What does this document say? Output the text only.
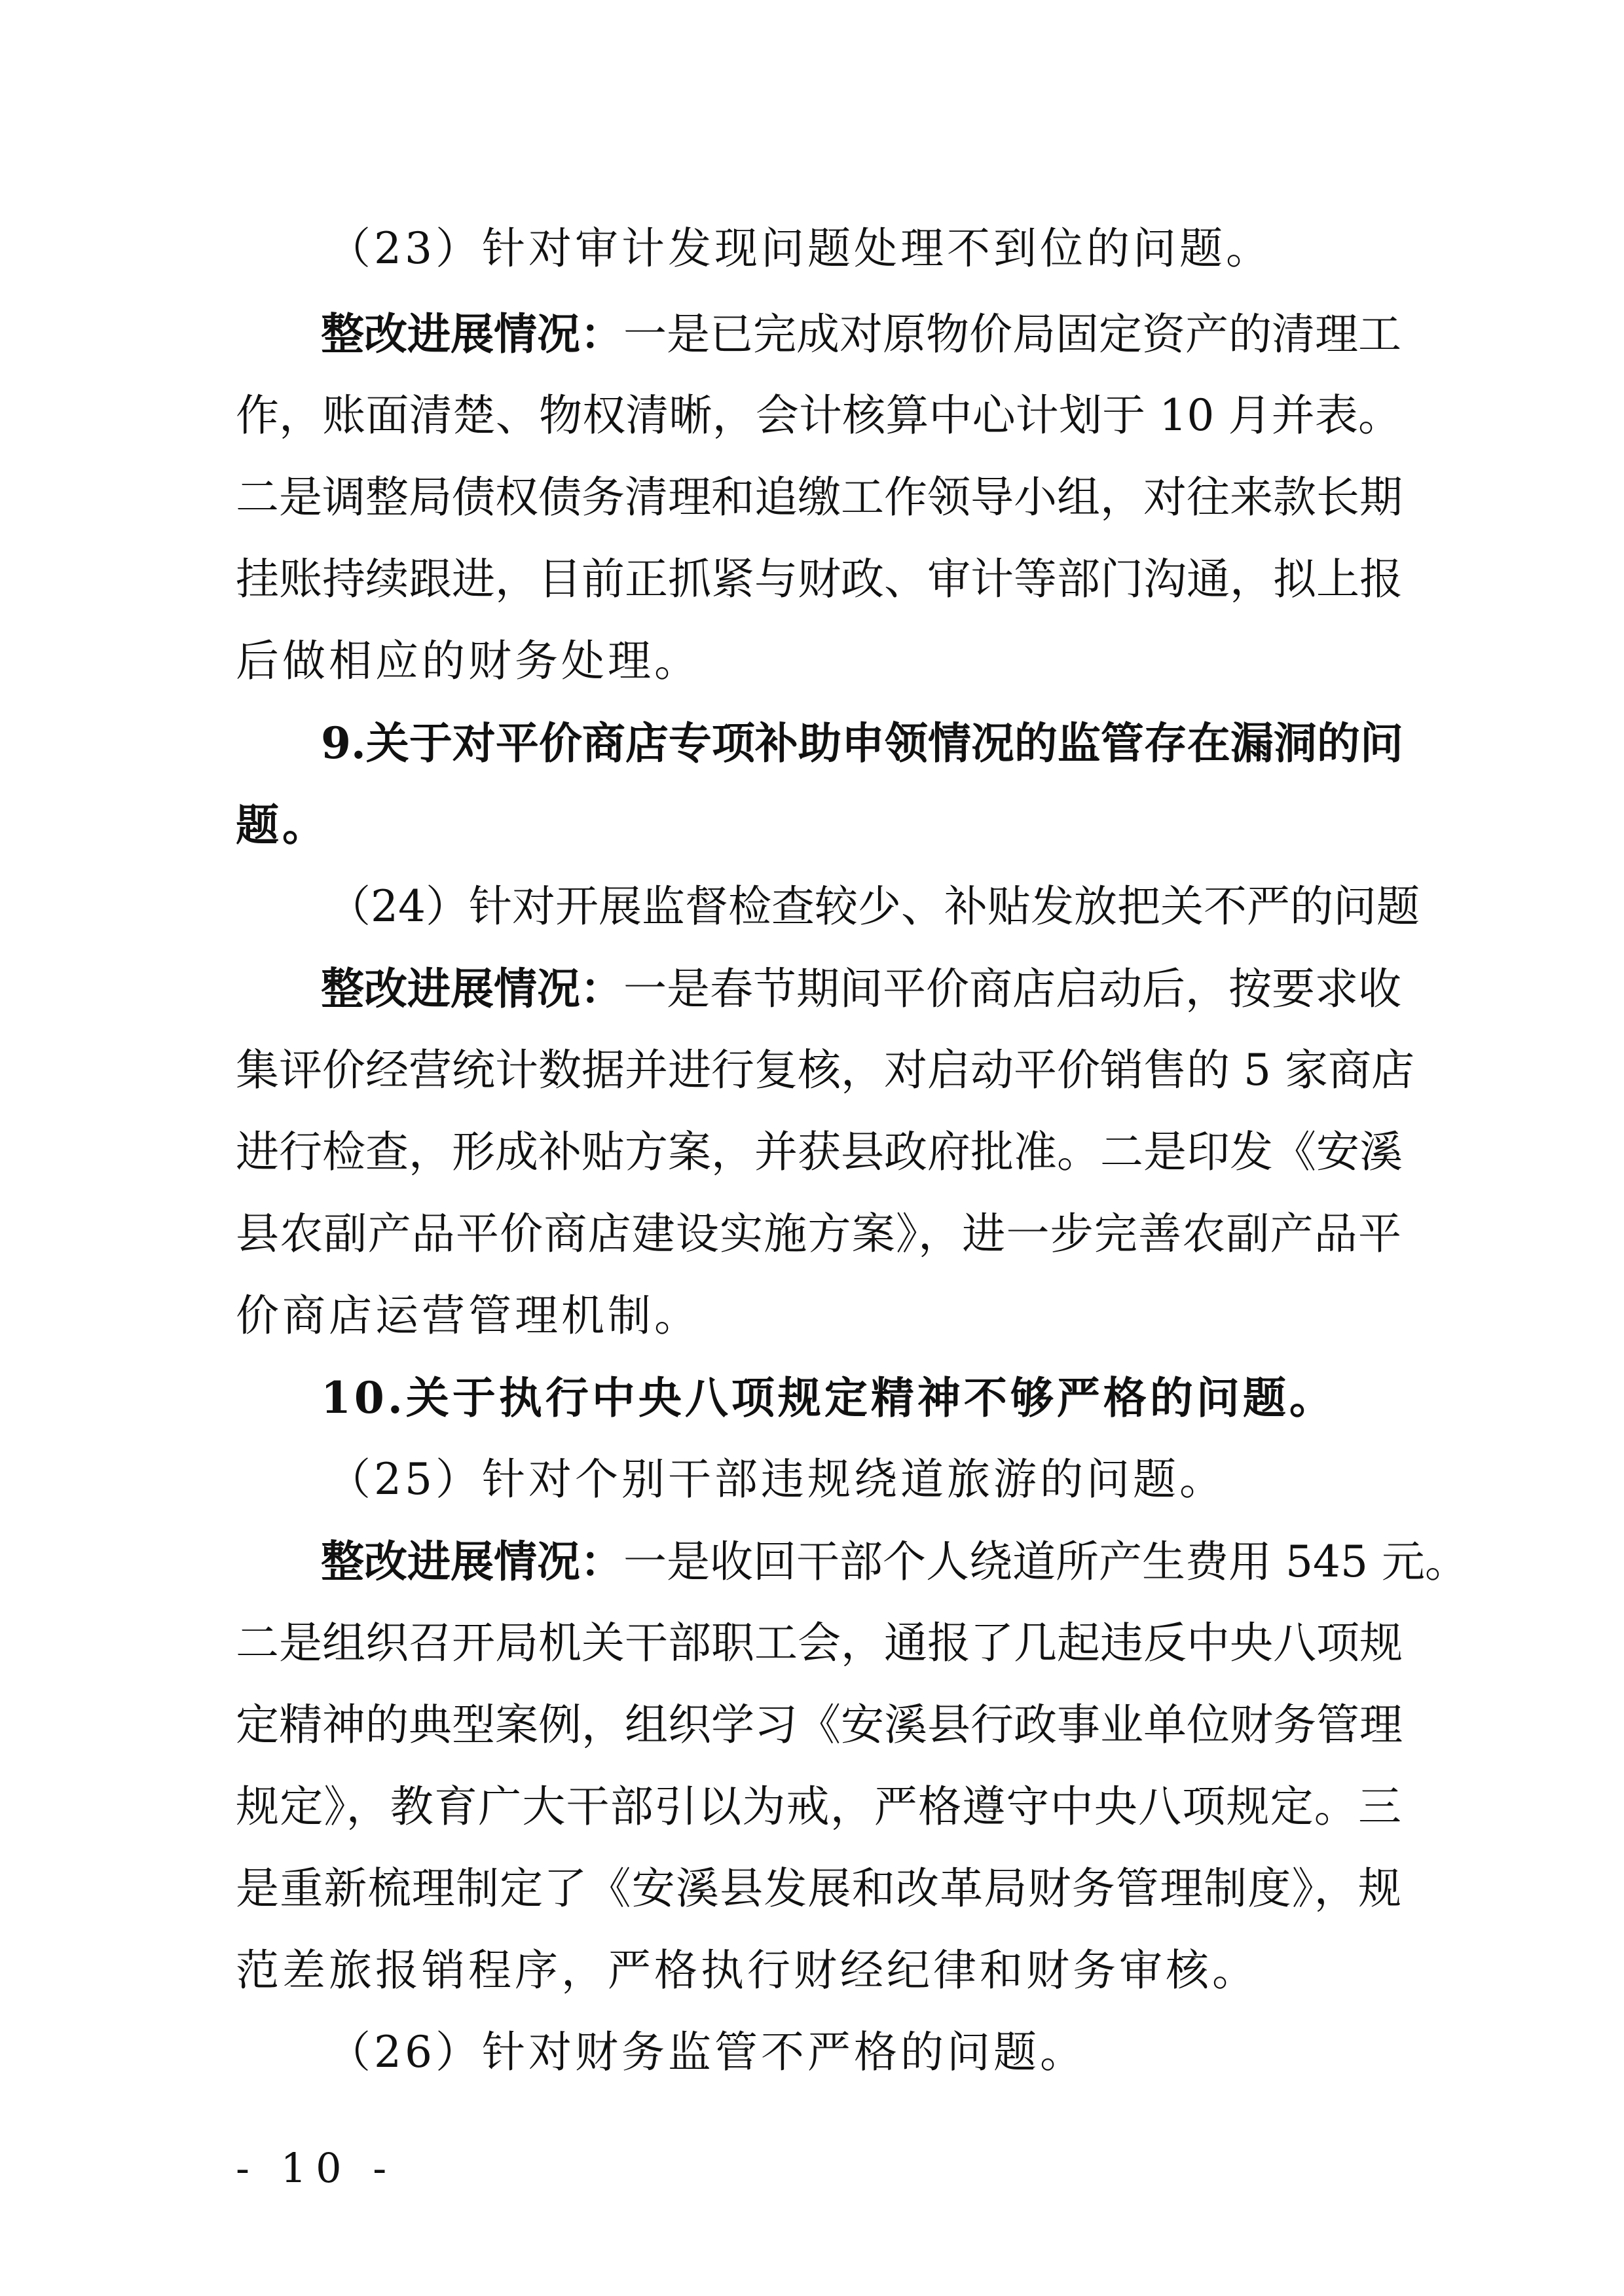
（23）针对审计发现问题处理不到位的问题。
整改进展情况：一是已完成对原物价局固定资产的清理工
作，账面清楚、物权清晰，会计核算中心计划于 10 月并表。
二是调整局债权债务清理和追缴工作领导小组，对往来款长期
挂账持续跟进，目前正抓紧与财政、审计等部门沟通，拟上报
后做相应的财务处理。
9.关于对平价商店专项补助申领情况的监管存在漏洞的问
题。
（24）针对开展监督检查较少、补贴发放把关不严的问题
整改进展情况：一是春节期间平价商店启动后，按要求收
集评价经营统计数据并进行复核，对启动平价销售的 5 家商店
进行检查，形成补贴方案，并获县政府批准。二是印发《安溪
县农副产品平价商店建设实施方案》，进一步完善农副产品平
价商店运营管理机制。
10.关于执行中央八项规定精神不够严格的问题。
（25）针对个别干部违规绕道旅游的问题。
整改进展情况：一是收回干部个人绕道所产生费用 545 元。
二是组织召开局机关干部职工会，通报了几起违反中央八项规
定精神的典型案例，组织学习《安溪县行政事业单位财务管理
规定》，教育广大干部引以为戒，严格遵守中央八项规定。三
是重新梳理制定了《安溪县发展和改革局财务管理制度》，规
范差旅报销程序，严格执行财经纪律和财务审核。
（26）针对财务监管不严格的问题。
- 10 -
